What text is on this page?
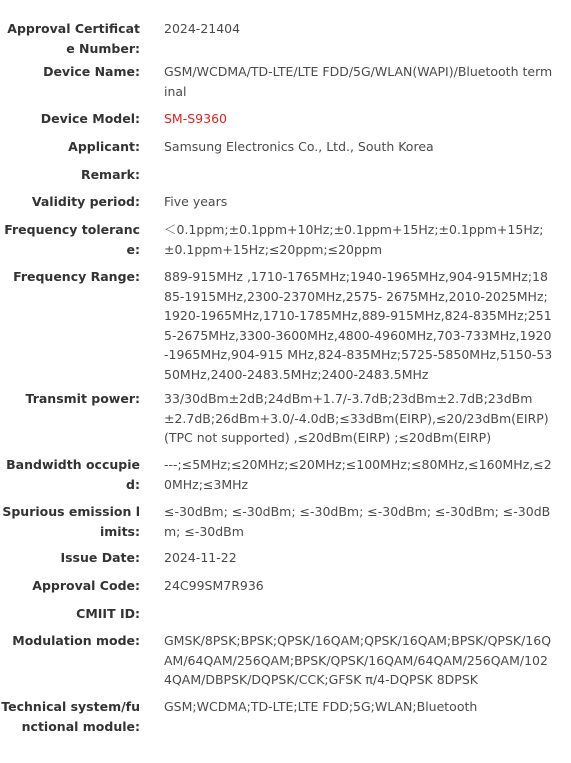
Approval Certificate Number:
2024-21404
Device Name: GSM/WCDMA/TD-LTE/LTE FDD/5G/WLAN(WAPI)/Bluetooth terminal
Device Model: SM-S9360
Applicant: Samsung Electronics Co., Ltd., South Korea
Remark:
Validity period: Five years
Frequency tolerance:
＜0.1ppm;±0.1ppm+10Hz;±0.1ppm+15Hz;±0.1ppm+15Hz;±0.1ppm+15Hz;≤20ppm;≤20ppm
Frequency Range: 889-915MHz ,1710-1765MHz;1940-1965MHz,904-915MHz;1885-1915MHz,2300-2370MHz,2575- 2675MHz,2010-2025MHz;1920-1965MHz,1710-1785MHz,889-915MHz,824-835MHz;2515-2675MHz,3300-3600MHz,4800-4960MHz,703-733MHz,1920-1965MHz,904-915 MHz,824-835MHz;5725-5850MHz,5150-5350MHz,2400-2483.5MHz;2400-2483.5MHz
Transmit power: 33/30dBm±2dB;24dBm+1.7/-3.7dB;23dBm±2.7dB;23dBm±2.7dB;26dBm+3.0/-4.0dB;≤33dBm(EIRP),≤20/23dBm(EIRP)(TPC not supported) ,≤20dBm(EIRP) ;≤20dBm(EIRP)
Bandwidth occupied:
---;≤5MHz;≤20MHz;≤20MHz;≤100MHz;≤80MHz,≤160MHz,≤20MHz;≤3MHz
Spurious emission limits:
≤-30dBm; ≤-30dBm; ≤-30dBm; ≤-30dBm; ≤-30dBm; ≤-30dBm; ≤-30dBm
Issue Date: 2024-11-22
Approval Code: 24C99SM7R936
CMIIT ID:
Modulation mode: GMSK/8PSK;BPSK;QPSK/16QAM;QPSK/16QAM;BPSK/QPSK/16QAM/64QAM/256QAM;BPSK/QPSK/16QAM/64QAM/256QAM/1024QAM/DBPSK/DQPSK/CCK;GFSK π/4-DQPSK 8DPSK
Technical system/functional module:
GSM;WCDMA;TD-LTE;LTE FDD;5G;WLAN;Bluetooth
